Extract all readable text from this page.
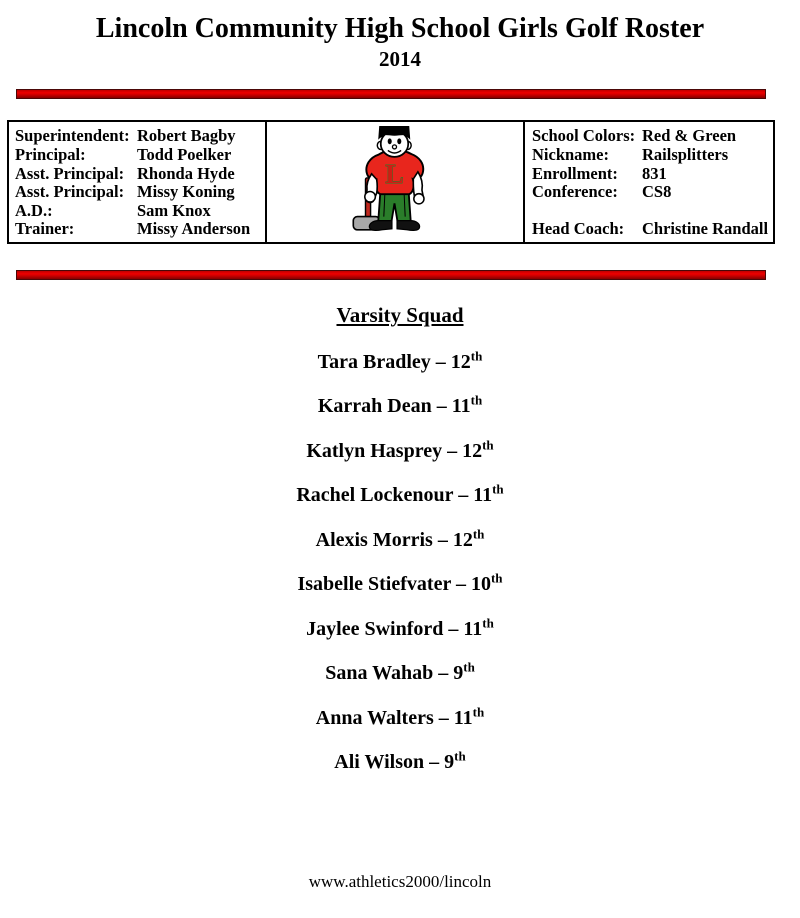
Lincoln Community High School Girls Golf Roster
2014
Superintendent: Robert Bagby
Principal:	Todd Poelker
Asst. Principal: Rhonda Hyde
Asst. Principal: Missy Koning
A.D.:	Sam Knox
Trainer:	Missy Anderson
L
School Colors: Red & Green
Nickname:	Railsplitters
Enrollment:	831
Conference:	CS8
Head Coach:	Christine Randall
Varsity Squad
Tara Bradley – 12th
Karrah Dean – 11th
Katlyn Hasprey – 12th
Rachel Lockenour – 11th
Alexis Morris – 12th
Isabelle Stiefvater – 10th
Jaylee Swinford – 11th
Sana Wahab – 9th
Anna Walters – 11th
Ali Wilson – 9th
www.athletics2000/lincoln
